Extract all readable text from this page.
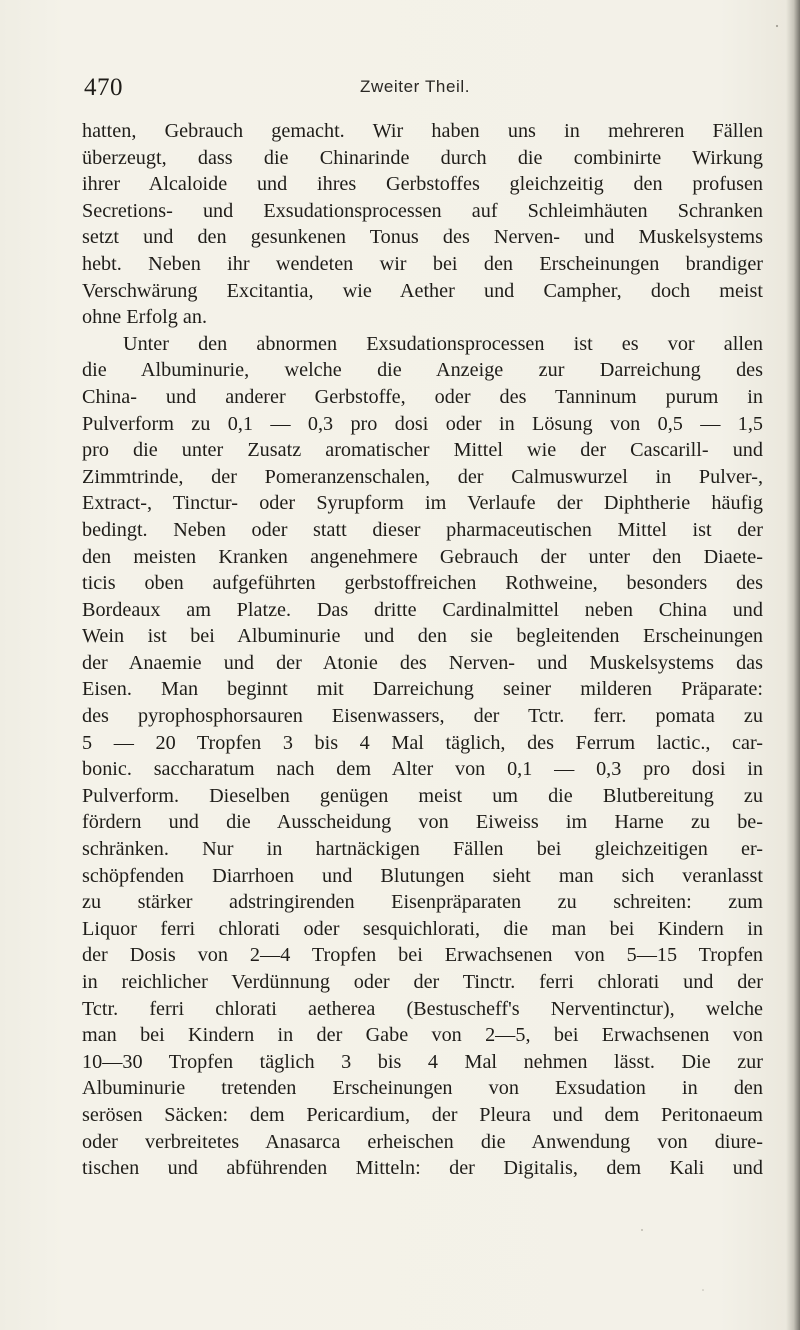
470	Zweiter Theil.
hatten, Gebrauch gemacht. Wir haben uns in mehreren Fällen
überzeugt, dass die Chinarinde durch die combinirte Wirkung
ihrer Alcaloide und ihres Gerbstoffes gleichzeitig den profusen
Secretions- und Exsudationsprocessen auf Schleimhäuten Schranken
setzt und den gesunkenen Tonus des Nerven- und Muskelsystems
hebt. Neben ihr wendeten wir bei den Erscheinungen brandiger
Verschwärung Excitantia, wie Aether und Campher, doch meist
ohne Erfolg an.
Unter den abnormen Exsudationsprocessen ist es vor allen
die Albuminurie, welche die Anzeige zur Darreichung des
China- und anderer Gerbstoffe, oder des Tanninum purum in
Pulverform zu 0,1 — 0,3 pro dosi oder in Lösung von 0,5 — 1,5
pro die unter Zusatz aromatischer Mittel wie der Cascarill- und
Zimmtrinde, der Pomeranzenschalen, der Calmuswurzel in Pulver-,
Extract-, Tinctur- oder Syrupform im Verlaufe der Diphtherie häufig
bedingt. Neben oder statt dieser pharmaceutischen Mittel ist der
den meisten Kranken angenehmere Gebrauch der unter den Diaete-
ticis oben aufgeführten gerbstoffreichen Rothweine, besonders des
Bordeaux am Platze. Das dritte Cardinalmittel neben China und
Wein ist bei Albuminurie und den sie begleitenden Erscheinungen
der Anaemie und der Atonie des Nerven- und Muskelsystems das
Eisen. Man beginnt mit Darreichung seiner milderen Präparate:
des pyrophosphorsauren Eisenwassers, der Tctr. ferr. pomata zu
5 — 20 Tropfen 3 bis 4 Mal täglich, des Ferrum lactic., car-
bonic. saccharatum nach dem Alter von 0,1 — 0,3 pro dosi in
Pulverform. Dieselben genügen meist um die Blutbereitung zu
fördern und die Ausscheidung von Eiweiss im Harne zu be-
schränken. Nur in hartnäckigen Fällen bei gleichzeitigen er-
schöpfenden Diarrhoen und Blutungen sieht man sich veranlasst
zu stärker adstringirenden Eisenpräparaten zu schreiten: zum
Liquor ferri chlorati oder sesquichlorati, die man bei Kindern in
der Dosis von 2—4 Tropfen bei Erwachsenen von 5—15 Tropfen
in reichlicher Verdünnung oder der Tinctr. ferri chlorati und der
Tctr. ferri chlorati aetherea (Bestuscheff's Nerventinctur), welche
man bei Kindern in der Gabe von 2—5, bei Erwachsenen von
10—30 Tropfen täglich 3 bis 4 Mal nehmen lässt. Die zur
Albuminurie tretenden Erscheinungen von Exsudation in den
serösen Säcken: dem Pericardium, der Pleura und dem Peritonaeum
oder verbreitetes Anasarca erheischen die Anwendung von diure-
tischen und abführenden Mitteln: der Digitalis, dem Kali und
